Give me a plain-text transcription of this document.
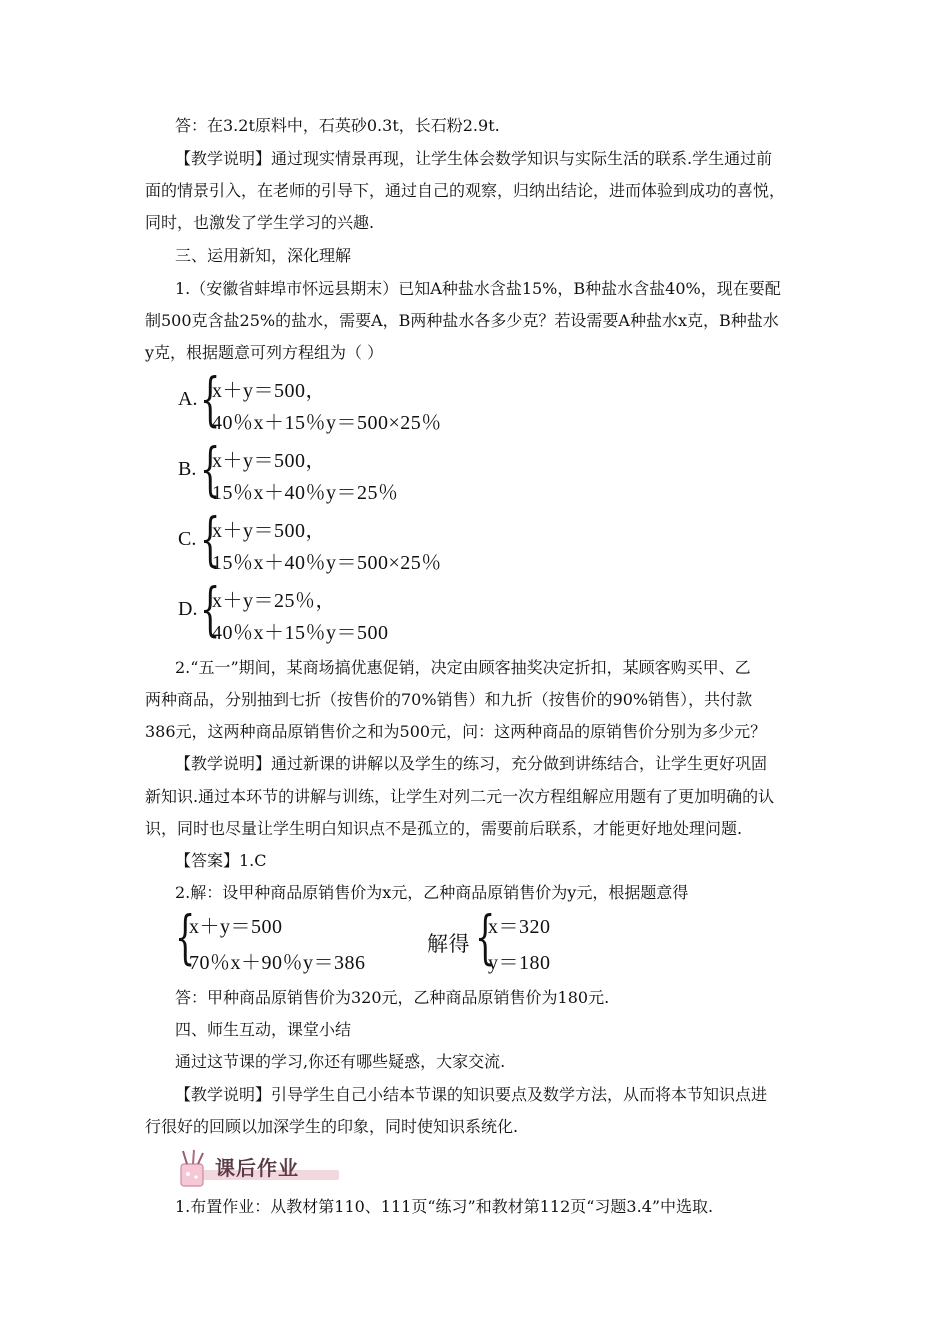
答：在3.2t原料中，石英砂0.3t，长石粉2.9t.
【教学说明】通过现实情景再现，让学生体会数学知识与实际生活的联系.学生通过前
面的情景引入，在老师的引导下，通过自己的观察，归纳出结论，进而体验到成功的喜悦，
同时，也激发了学生学习的兴趣.
三、运用新知，深化理解
1.（安徽省蚌埠市怀远县期末）已知A种盐水含盐15%，B种盐水含盐40%，现在要配
制500克含盐25%的盐水，需要A，B两种盐水各多少克？若设需要A种盐水x克，B种盐水
y克，根据题意可列方程组为（ ）
A. {
x＋y＝500，
40％x＋15％y＝500×25％
B. {
x＋y＝500，
15％x＋40％y＝25％
C. {
x＋y＝500，
15％x＋40％y＝500×25％
D. {
x＋y＝25％，
40％x＋15％y＝500
2.“五一”期间，某商场搞优惠促销，决定由顾客抽奖决定折扣，某顾客购买甲、乙
两种商品，分别抽到七折（按售价的70%销售）和九折（按售价的90%销售），共付款
386元，这两种商品原销售价之和为500元，问：这两种商品的原销售价分别为多少元？
【教学说明】通过新课的讲解以及学生的练习，充分做到讲练结合，让学生更好巩固
新知识.通过本环节的讲解与训练，让学生对列二元一次方程组解应用题有了更加明确的认
识，同时也尽量让学生明白知识点不是孤立的，需要前后联系，才能更好地处理问题.
【答案】1.C
2.解：设甲种商品原销售价为x元，乙种商品原销售价为y元，根据题意得
{
x＋y＝500
70％x＋90％y＝386
解得 {
x＝320
y＝180
答：甲种商品原销售价为320元，乙种商品原销售价为180元.
四、师生互动，课堂小结
通过这节课的学习,你还有哪些疑惑，大家交流.
【教学说明】引导学生自己小结本节课的知识要点及数学方法，从而将本节知识点进
行很好的回顾以加深学生的印象，同时使知识系统化.
课后作业
1.布置作业：从教材第110、111页“练习”和教材第112页“习题3.4”中选取.
